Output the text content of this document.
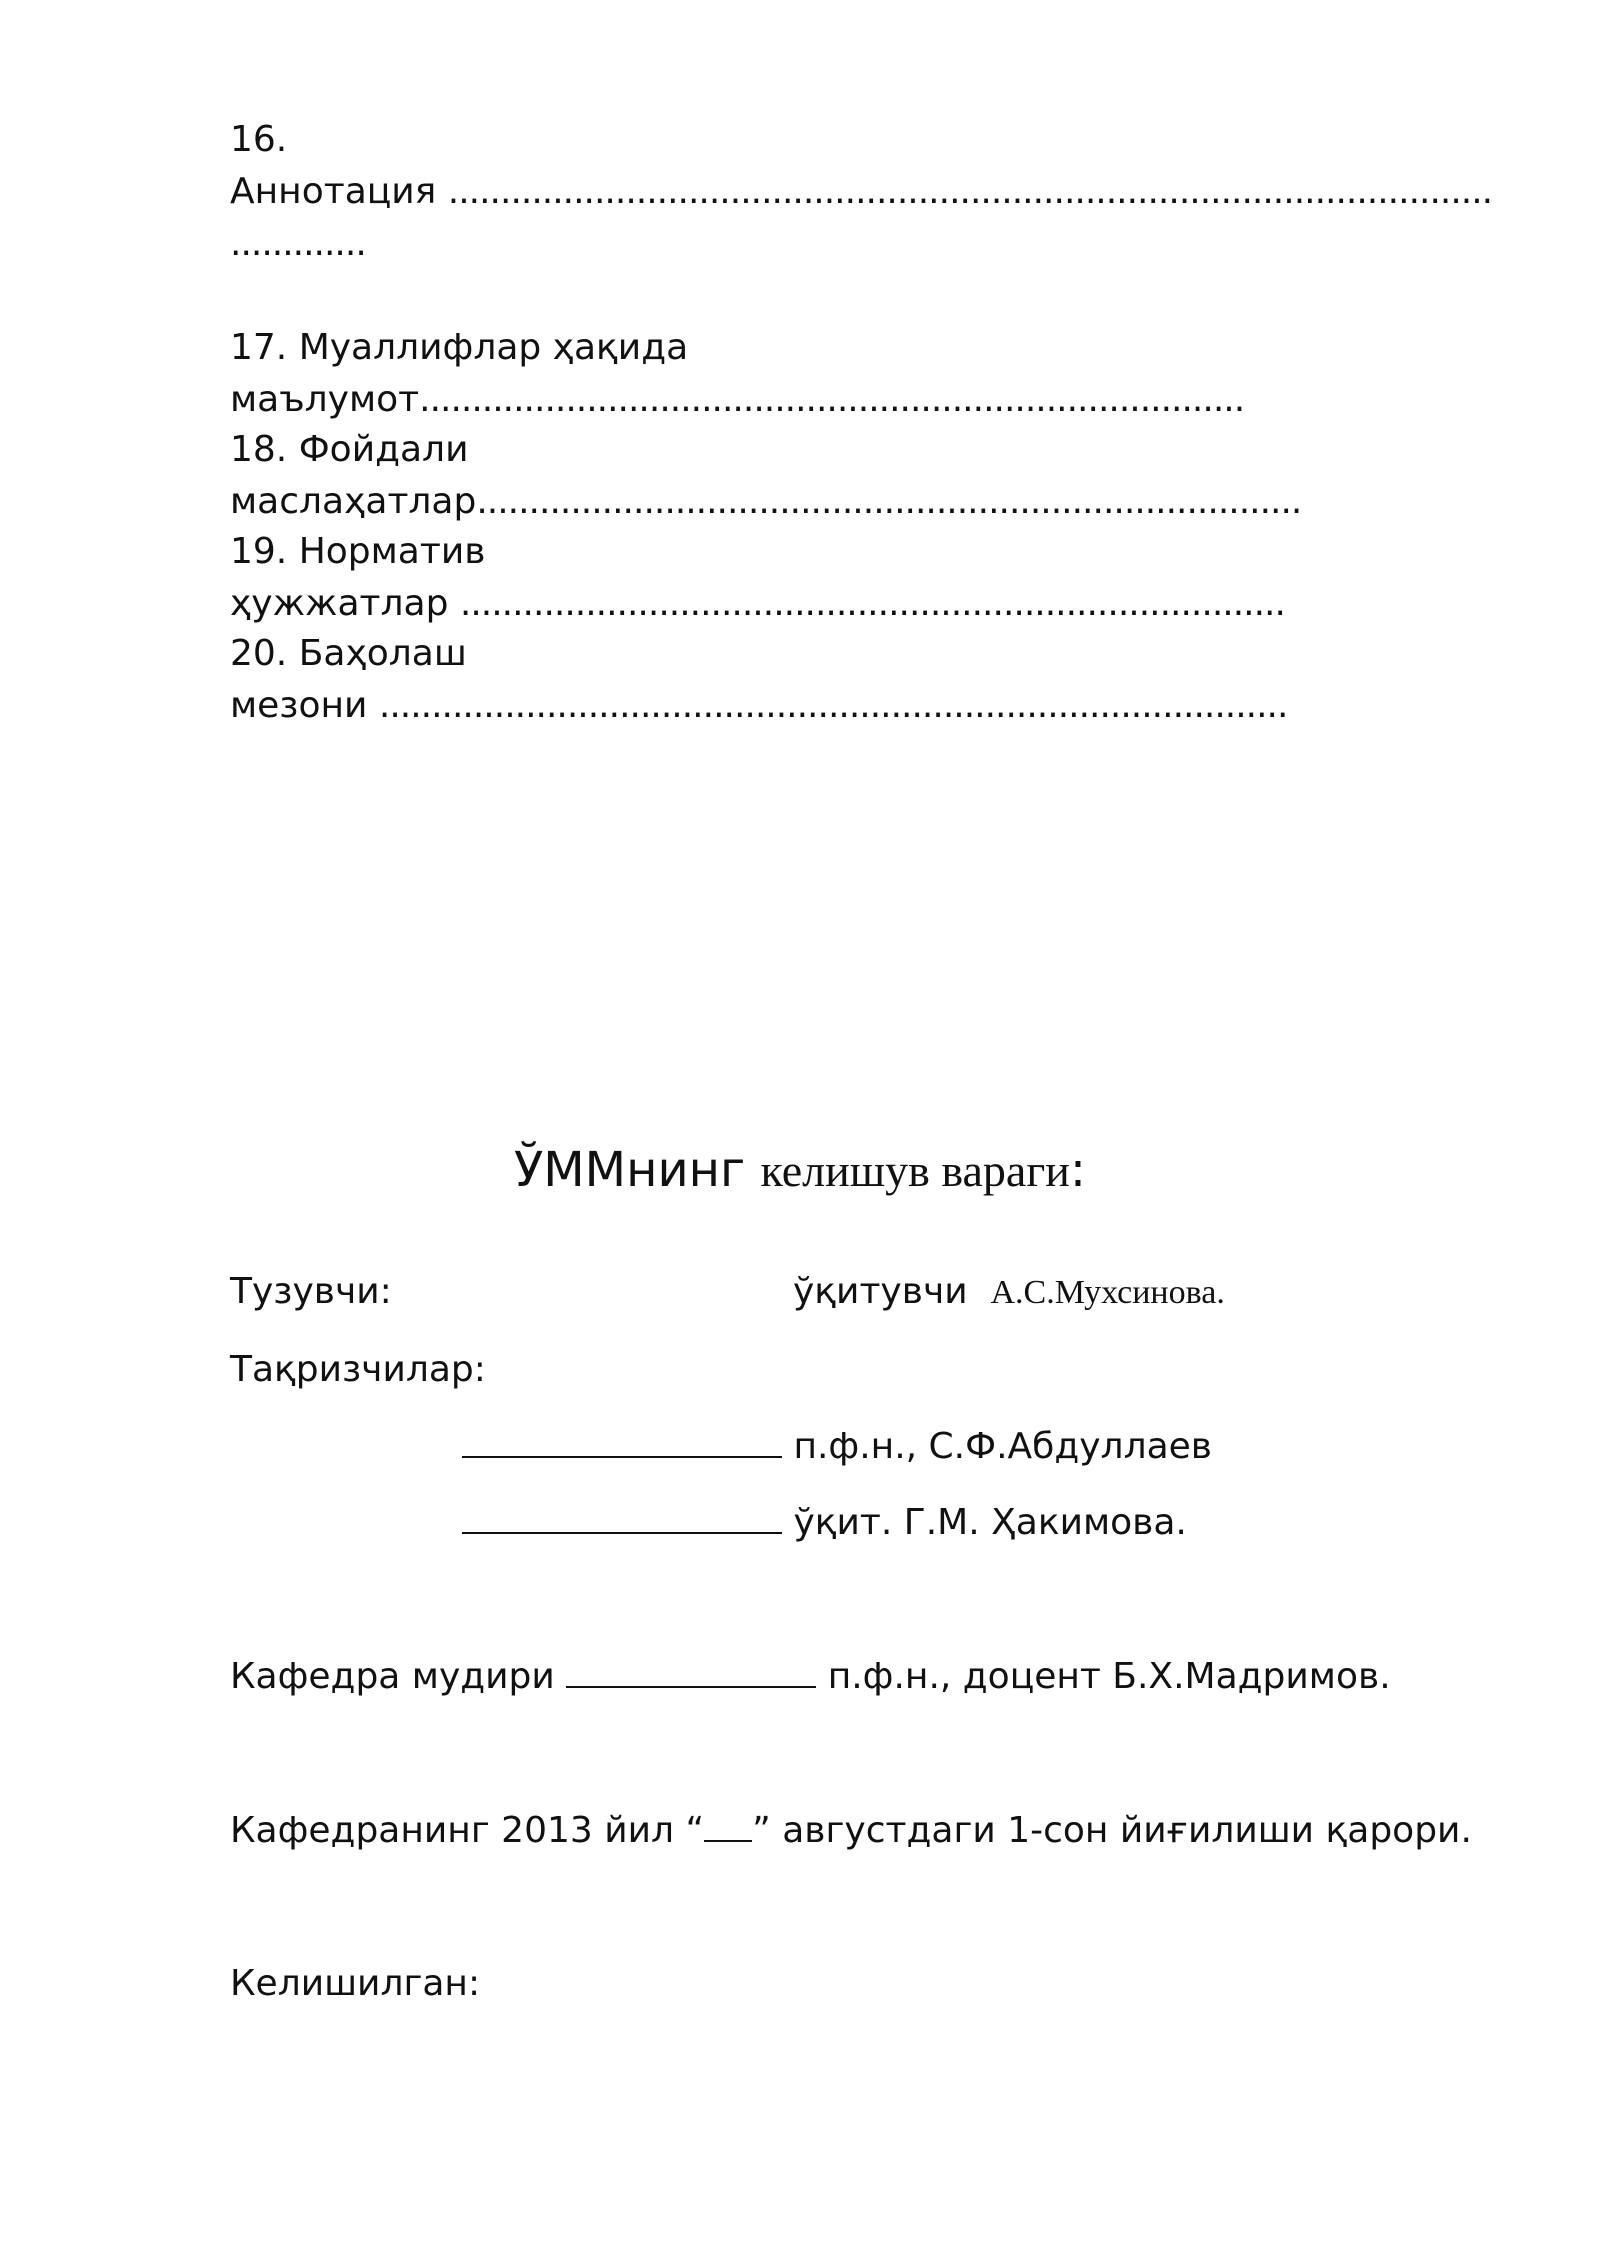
16.
Аннотация ....................................................................................................
.............
17. Муаллифлар ҳақида
маълумот...............................................................................
18. Фойдали
маслаҳатлар...............................................................................
19. Норматив
ҳужжатлар ...............................................................................
20. Баҳолаш
мезони .......................................................................................
ЎММнинг келишув вараги:
Тузувчи:	ўқитувчи А.С.Мухсинова.
Тақризчилар:
п.ф.н., С.Ф.Абдуллаев
ўқит. Г.М. Ҳакимова.
Кафедра мудири	п.ф.н., доцент Б.Х.Мадримов.
Кафедранинг 2013 йил “ ” августдаги 1-сон йиғилиши қарори.
Келишилган:
